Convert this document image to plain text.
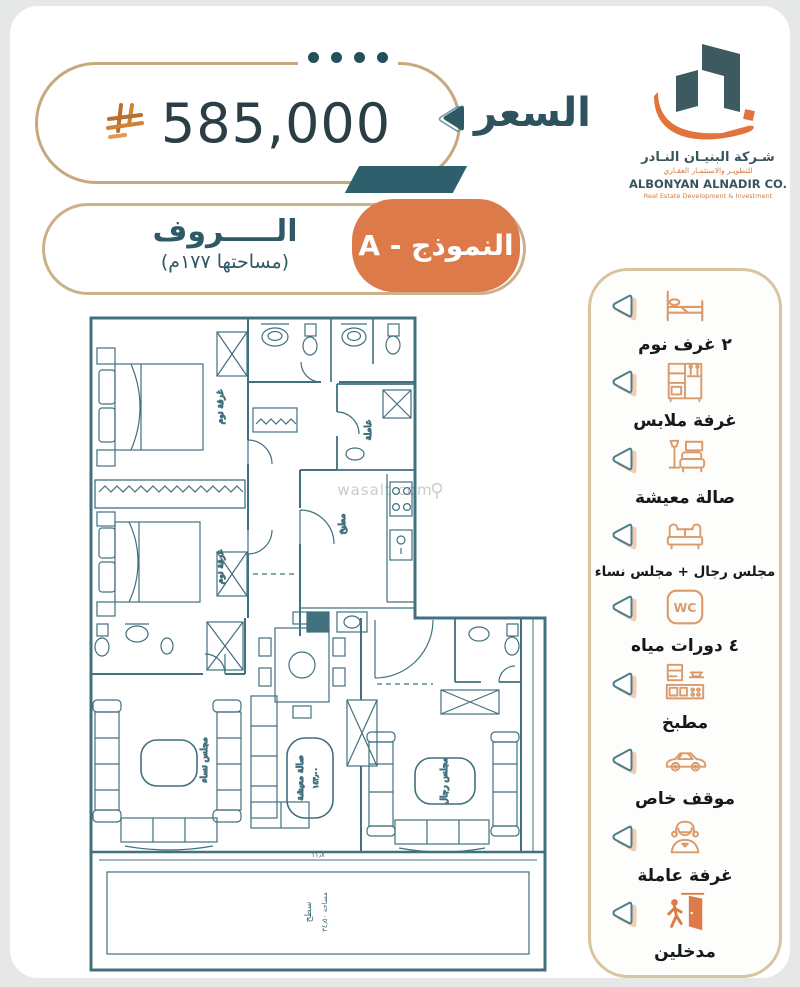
585,000 السعر
شـركة البنيـان النـادر
للتطويـر والاستثمـار العقـاري
ALBONYAN ALNADIR CO.
Real Estate Development & Investment
الـــــروف
(مساحتها ١٧٧م)	النموذج - A
٢ غرف نوم
غرفة ملابس
صالة معيشة
مجلس رجال + مجلس نساء
WC
٤ دورات مياه
مطبخ
موقف خاص
غرفة عاملة
مدخلين
wasalt.com
غرفة نوم
غرفة نوم
عاملة
مطبخ
مجلس نساء	صالة معيشة ١٤٣٫٠٠	مجلس رجال
سطح
مساحة ٣٤٫٥٠
١١٫٨
